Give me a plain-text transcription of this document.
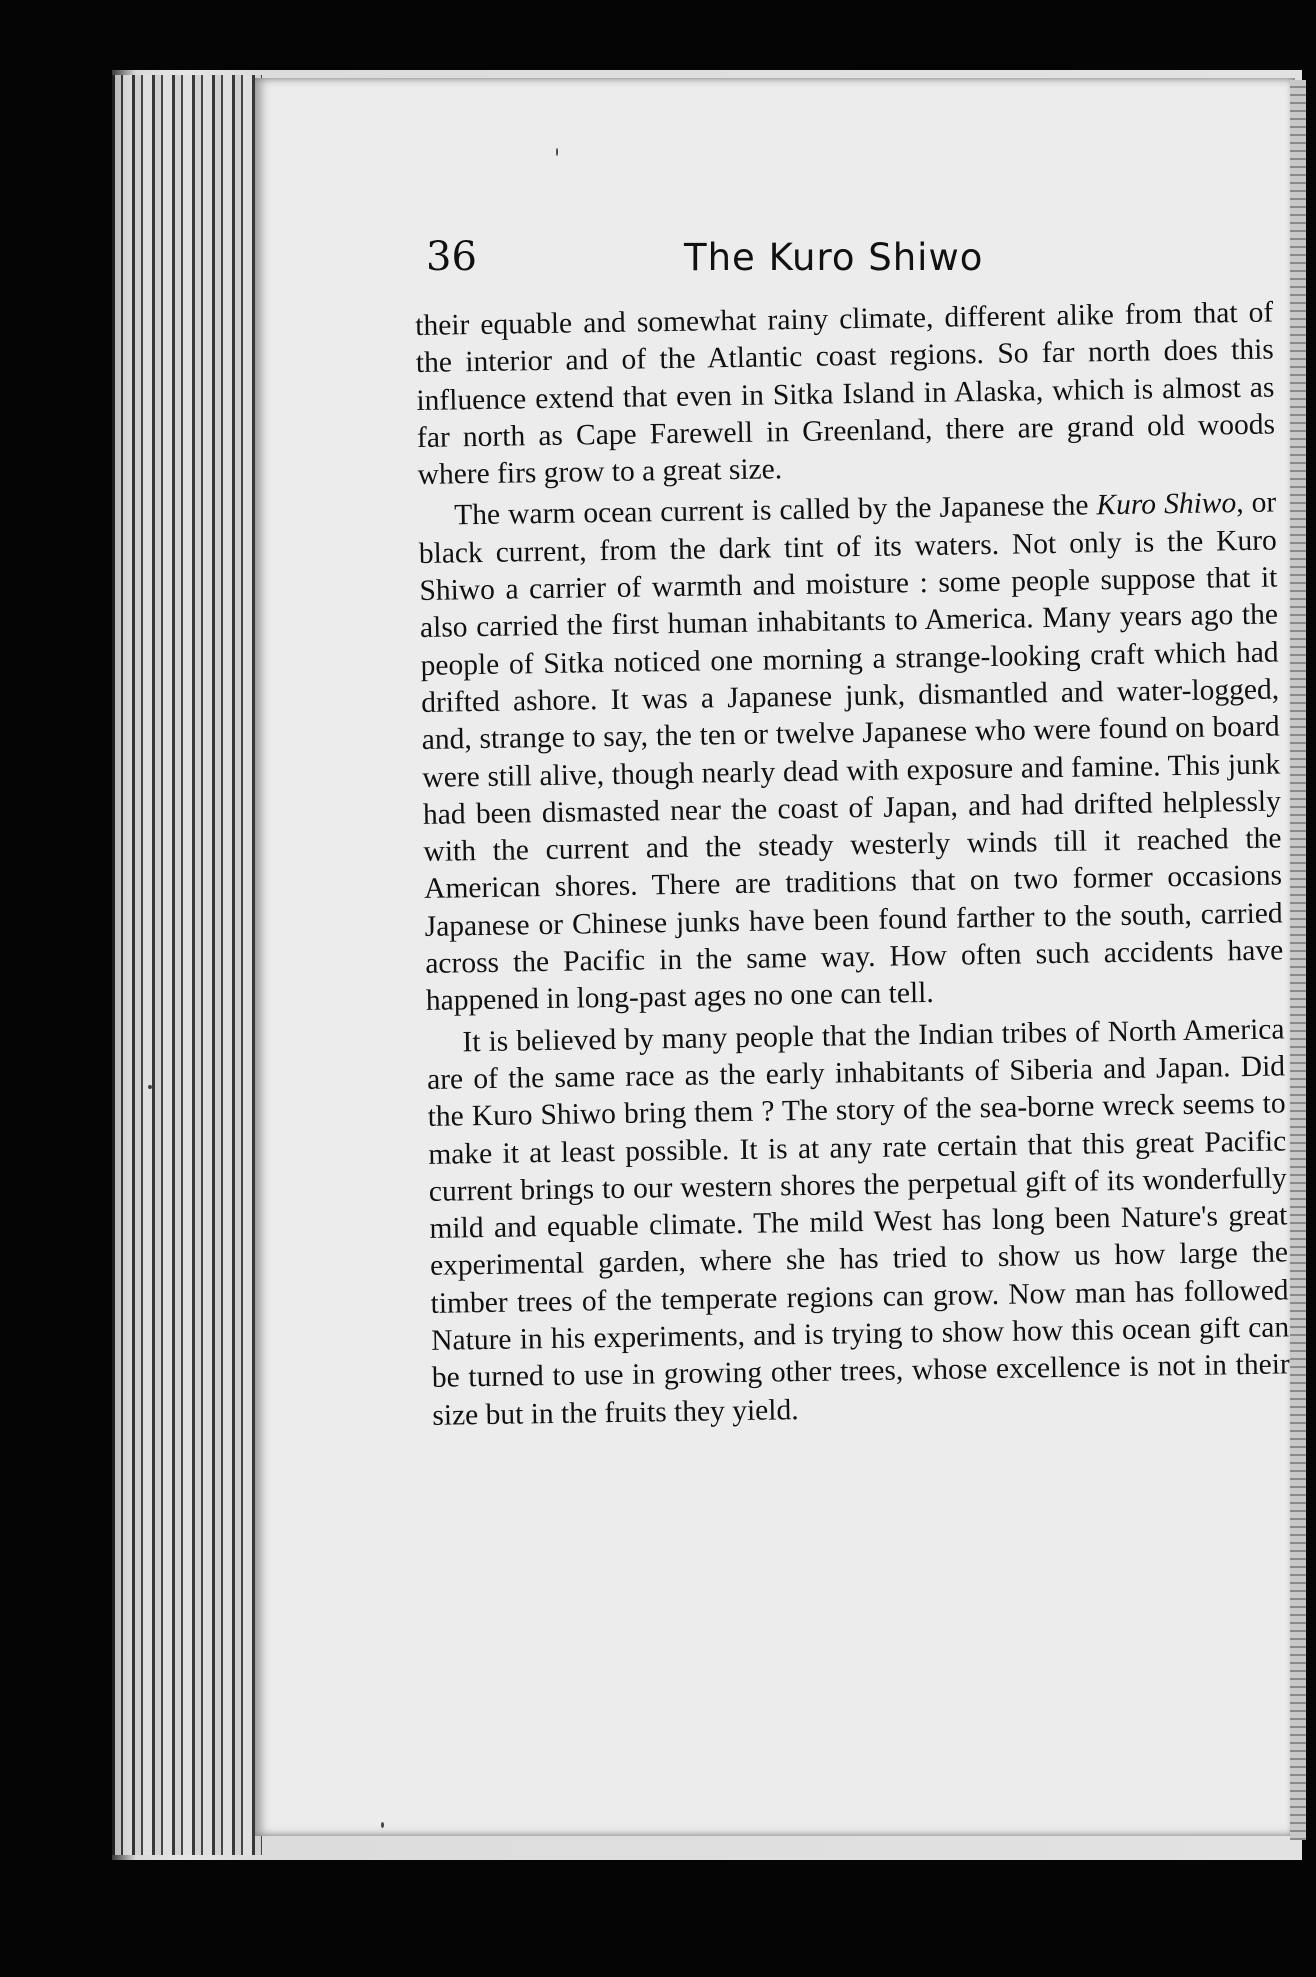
36	The Kuro Shiwo

their equable and somewhat rainy climate, different alike from that of the interior and of the Atlantic coast regions. So far north does this influence extend that even in Sitka Island in Alaska, which is almost as far north as Cape Farewell in Greenland, there are grand old woods where firs grow to a great size.

The warm ocean current is called by the Japanese the Kuro Shiwo, or black current, from the dark tint of its waters. Not only is the Kuro Shiwo a carrier of warmth and moisture : some people suppose that it also carried the first human inhabitants to America. Many years ago the people of Sitka noticed one morning a strange-looking craft which had drifted ashore. It was a Japanese junk, dismantled and water-logged, and, strange to say, the ten or twelve Japanese who were found on board were still alive, though nearly dead with exposure and famine. This junk had been dismasted near the coast of Japan, and had drifted helplessly with the current and the steady westerly winds till it reached the American shores. There are traditions that on two former occasions Japanese or Chinese junks have been found farther to the south, carried across the Pacific in the same way. How often such accidents have happened in long-past ages no one can tell.

It is believed by many people that the Indian tribes of North America are of the same race as the early inhabitants of Siberia and Japan. Did the Kuro Shiwo bring them ? The story of the sea-borne wreck seems to make it at least possible. It is at any rate certain that this great Pacific current brings to our western shores the perpetual gift of its wonderfully mild and equable climate. The mild West has long been Nature's great experimental garden, where she has tried to show us how large the timber trees of the temperate regions can grow. Now man has followed Nature in his experiments, and is trying to show how this ocean gift can be turned to use in growing other trees, whose excellence is not in their size but in the fruits they yield.
